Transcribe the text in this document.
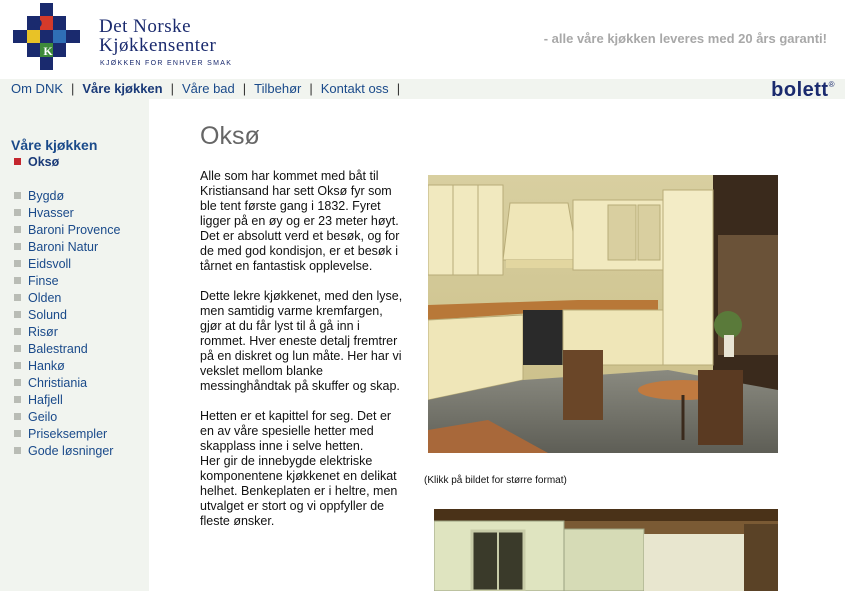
D N
K
Det Norske
Kjøkkensenter
KJØKKEN FOR ENHVER SMAK
- alle våre kjøkken leveres med 20 års garanti!
Om DNK | Våre kjøkken | Våre bad | Tilbehør | Kontakt oss |	bolett®
Våre kjøkken
Oksø
Bygdø
Hvasser
Baroni Provence
Baroni Natur
Eidsvoll
Finse
Olden
Solund
Risør
Balestrand
Hankø
Christiania
Hafjell
Geilo
Priseksempler
Gode løsninger
Oksø

Alle som har kommet med båt til Kristiansand har sett Oksø fyr som ble tent første gang i 1832. Fyret ligger på en øy og er 23 meter høyt. Det er absolutt verd et besøk, og for de med god kondisjon, er et besøk i tårnet en fantastisk opplevelse.

Dette lekre kjøkkenet, med den lyse, men samtidig varme kremfargen, gjør at du får lyst til å gå inn i rommet. Hver eneste detalj fremtrer på en diskret og lun måte. Her har vi vekslet mellom blanke messinghåndtak på skuffer og skap.

Hetten er et kapittel for seg. Det er en av våre spesielle hetter med skapplass inne i selve hetten.

Her gir de innebygde elektriske komponentene kjøkkenet en delikat helhet. Benkeplaten er i heltre, men utvalget er stort og vi oppfyller de fleste ønsker.

(Klikk på bildet for større format)
